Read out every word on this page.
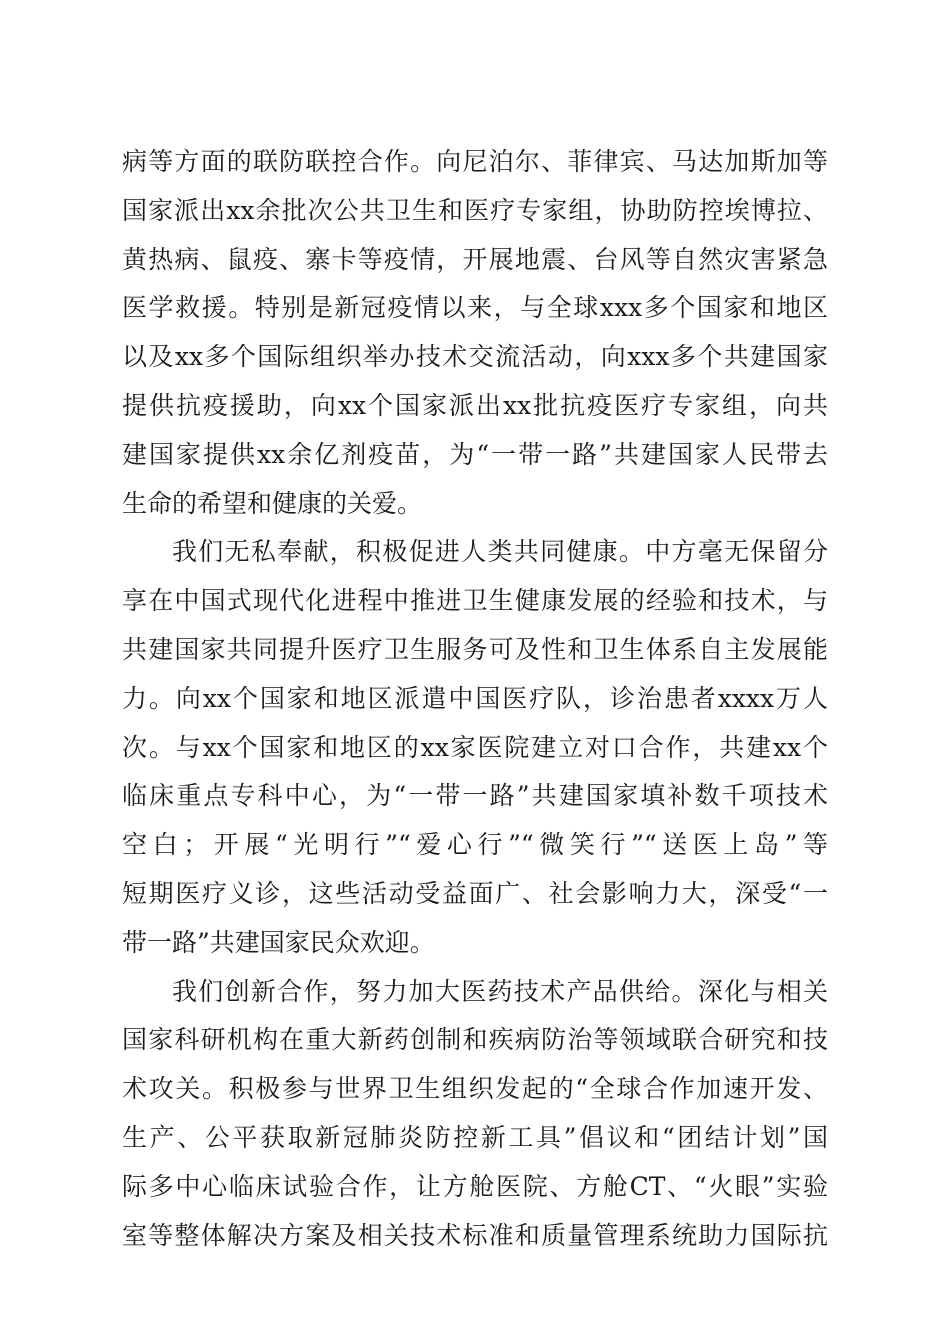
病等方面的联防联控合作。向尼泊尔、菲律宾、马达加斯加等
国家派出xx余批次公共卫生和医疗专家组，协助防控埃博拉、
黄热病、鼠疫、寨卡等疫情，开展地震、台风等自然灾害紧急
医学救援。特别是新冠疫情以来，与全球xxx多个国家和地区
以及xx多个国际组织举办技术交流活动，向xxx多个共建国家
提供抗疫援助，向xx个国家派出xx批抗疫医疗专家组，向共
建国家提供xx余亿剂疫苗，为“一带一路”共建国家人民带去
生命的希望和健康的关爱。
我们无私奉献，积极促进人类共同健康。中方毫无保留分
享在中国式现代化进程中推进卫生健康发展的经验和技术，与
共建国家共同提升医疗卫生服务可及性和卫生体系自主发展能
力。向xx个国家和地区派遣中国医疗队，诊治患者xxxx万人
次。与xx个国家和地区的xx家医院建立对口合作，共建xx个
临床重点专科中心，为“一带一路”共建国家填补数千项技术
空白；开展“光明行”“爱心行”“微笑行”“送医上岛”等
短期医疗义诊，这些活动受益面广、社会影响力大，深受“一
带一路”共建国家民众欢迎。
我们创新合作，努力加大医药技术产品供给。深化与相关
国家科研机构在重大新药创制和疾病防治等领域联合研究和技
术攻关。积极参与世界卫生组织发起的“全球合作加速开发、
生产、公平获取新冠肺炎防控新工具”倡议和“团结计划”国
际多中心临床试验合作，让方舱医院、方舱CT、“火眼”实验
室等整体解决方案及相关技术标准和质量管理系统助力国际抗
